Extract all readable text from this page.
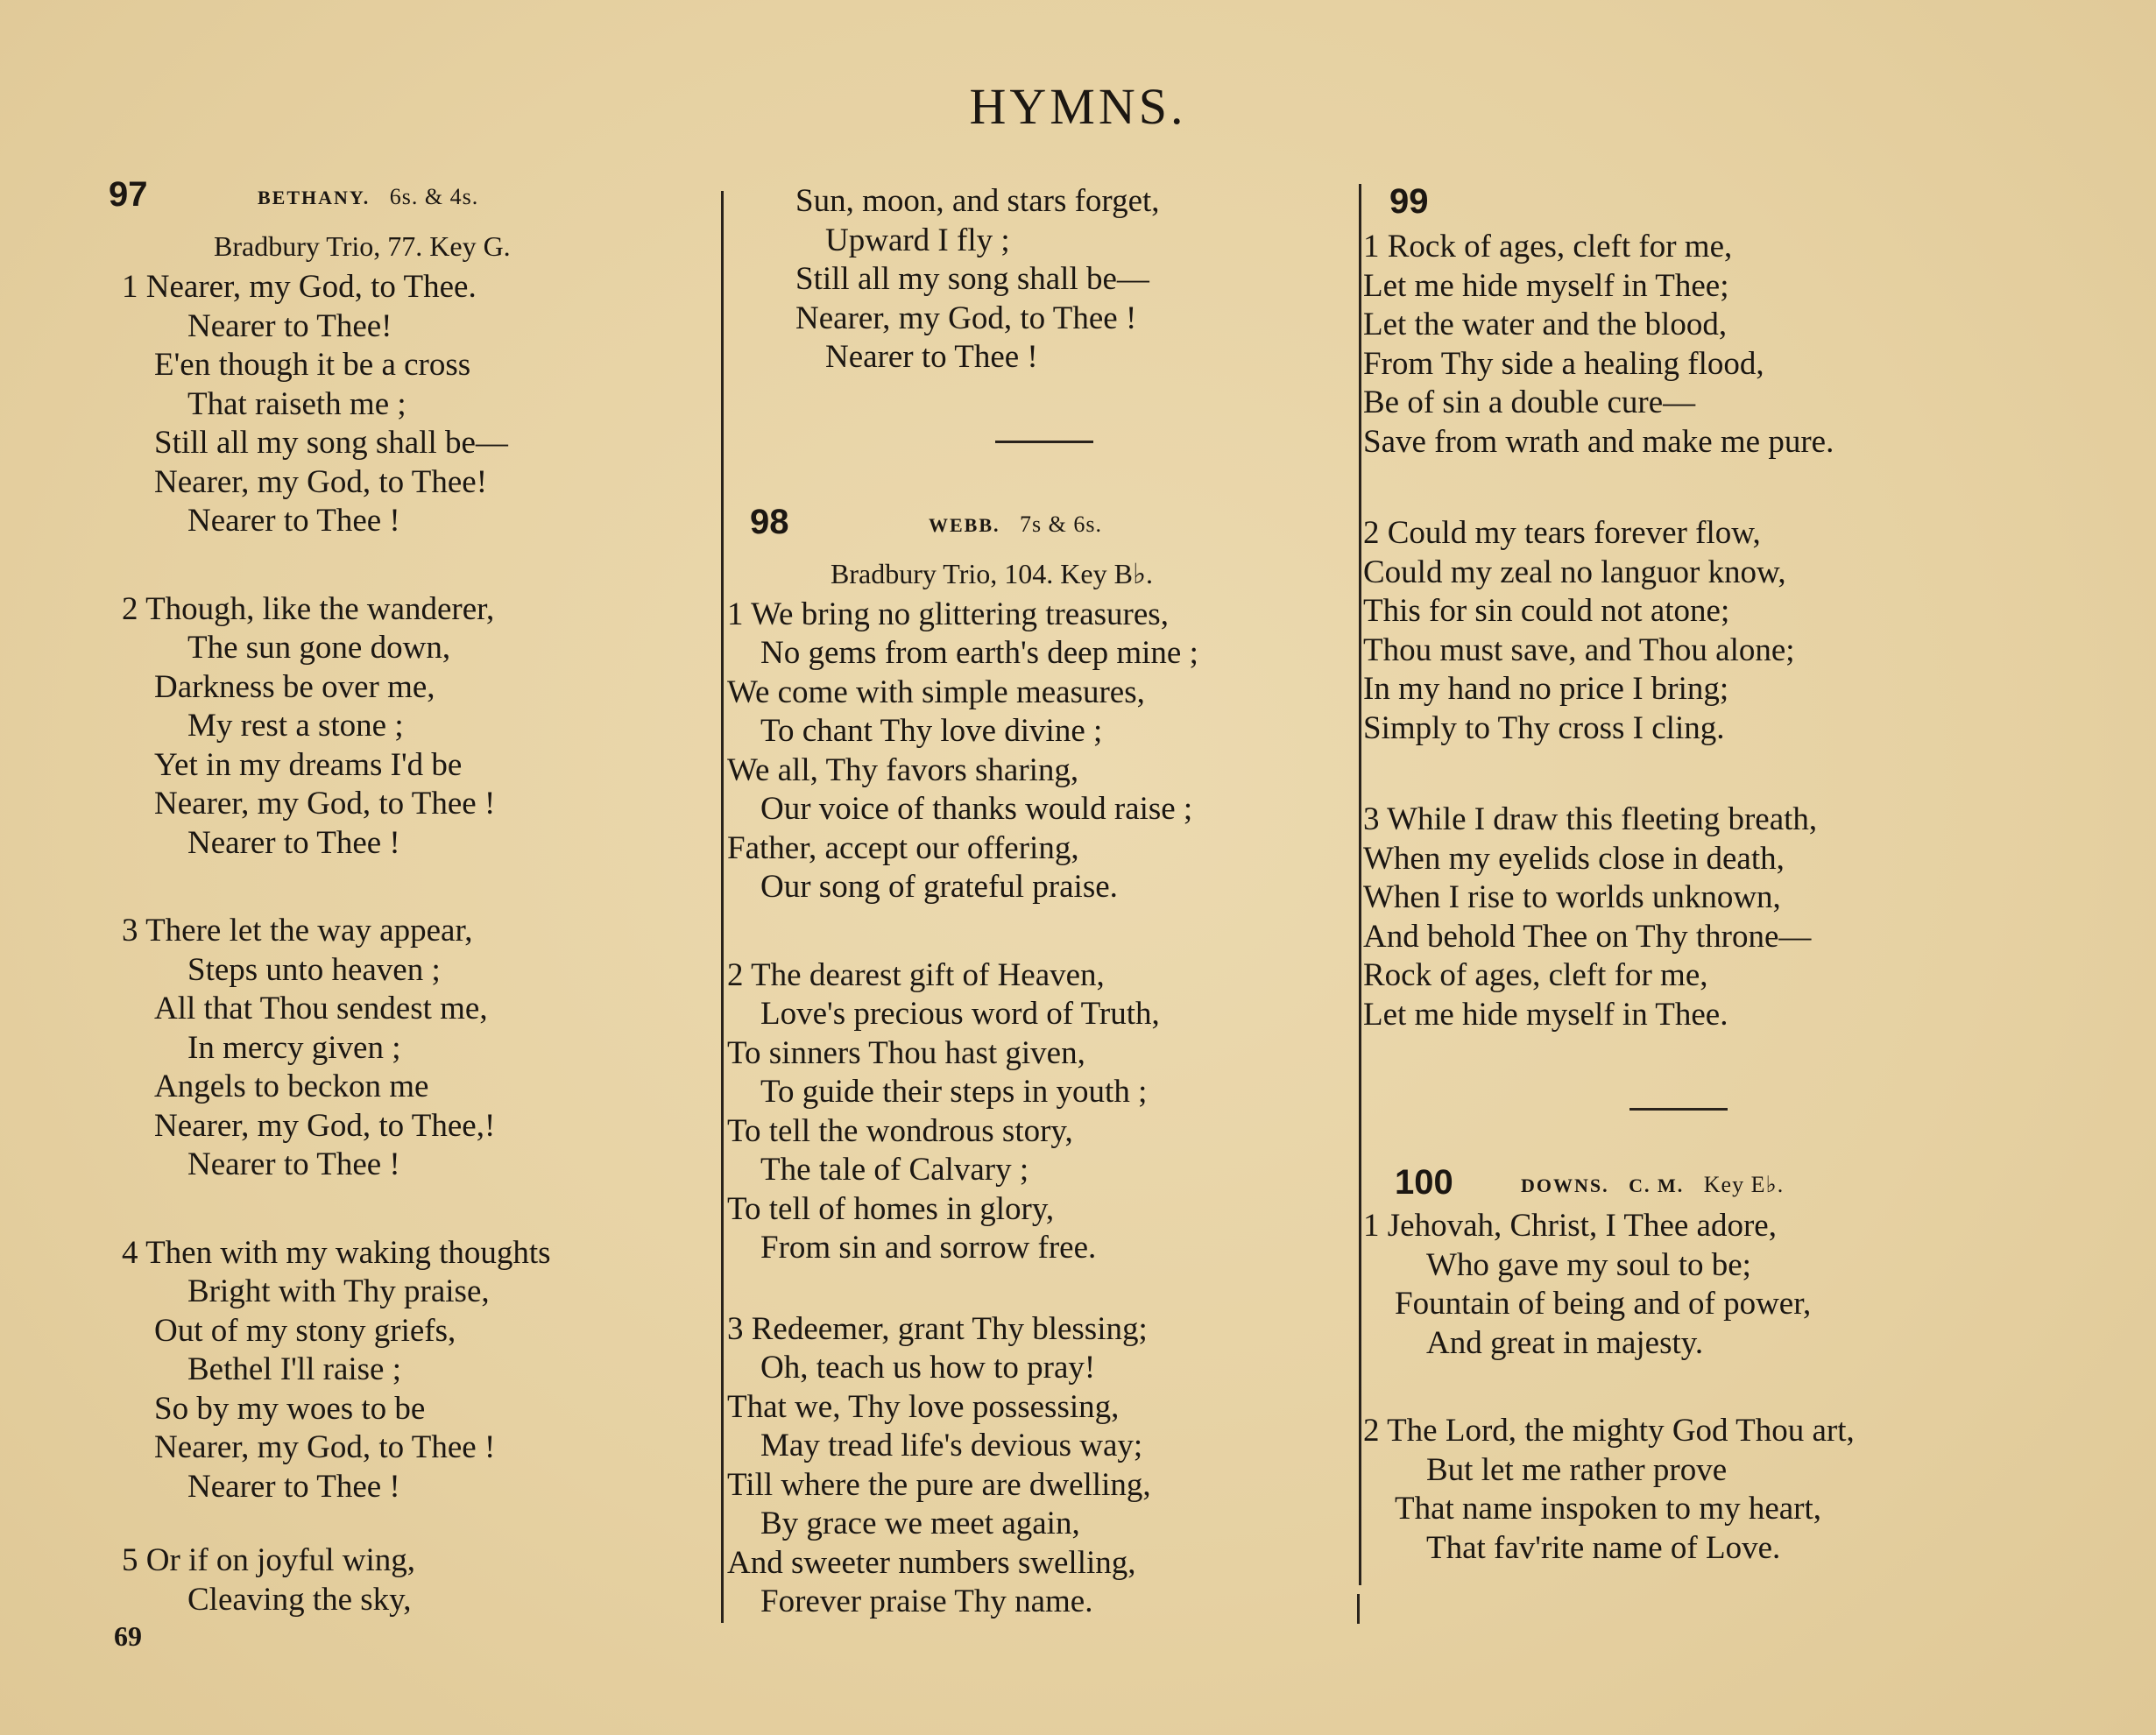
HYMNS.
97	BETHANY. 6s. & 4s.
Bradbury Trio, 77. Key G.
1 Nearer, my God, to Thee.
Nearer to Thee!
E'en though it be a cross
That raiseth me ;
Still all my song shall be—
Nearer, my God, to Thee!
Nearer to Thee !
2 Though, like the wanderer,
The sun gone down,
Darkness be over me,
My rest a stone ;
Yet in my dreams I'd be
Nearer, my God, to Thee !
Nearer to Thee !
3 There let the way appear,
Steps unto heaven ;
All that Thou sendest me,
In mercy given ;
Angels to beckon me
Nearer, my God, to Thee,!
Nearer to Thee !
4 Then with my waking thoughts
Bright with Thy praise,
Out of my stony griefs,
Bethel I'll raise ;
So by my woes to be
Nearer, my God, to Thee !
Nearer to Thee !
5 Or if on joyful wing,
Cleaving the sky,
69
Sun, moon, and stars forget,
Upward I fly ;
Still all my song shall be—
Nearer, my God, to Thee !
Nearer to Thee !
98	WEBB. 7s & 6s.
Bradbury Trio, 104. Key B♭.
1 We bring no glittering treasures,
No gems from earth's deep mine ;
We come with simple measures,
To chant Thy love divine ;
We all, Thy favors sharing,
Our voice of thanks would raise ;
Father, accept our offering,
Our song of grateful praise.
2 The dearest gift of Heaven,
Love's precious word of Truth,
To sinners Thou hast given,
To guide their steps in youth ;
To tell the wondrous story,
The tale of Calvary ;
To tell of homes in glory,
From sin and sorrow free.
3 Redeemer, grant Thy blessing;
Oh, teach us how to pray!
That we, Thy love possessing,
May tread life's devious way;
Till where the pure are dwelling,
By grace we meet again,
And sweeter numbers swelling,
Forever praise Thy name.
99
1 Rock of ages, cleft for me,
Let me hide myself in Thee;
Let the water and the blood,
From Thy side a healing flood,
Be of sin a double cure—
Save from wrath and make me pure.
2 Could my tears forever flow,
Could my zeal no languor know,
This for sin could not atone;
Thou must save, and Thou alone;
In my hand no price I bring;
Simply to Thy cross I cling.
3 While I draw this fleeting breath,
When my eyelids close in death,
When I rise to worlds unknown,
And behold Thee on Thy throne—
Rock of ages, cleft for me,
Let me hide myself in Thee.
100	DOWNS. C. M. Key E♭.
1 Jehovah, Christ, I Thee adore,
Who gave my soul to be;
Fountain of being and of power,
And great in majesty.
2 The Lord, the mighty God Thou art,
But let me rather prove
That name inspoken to my heart,
That fav'rite name of Love.
